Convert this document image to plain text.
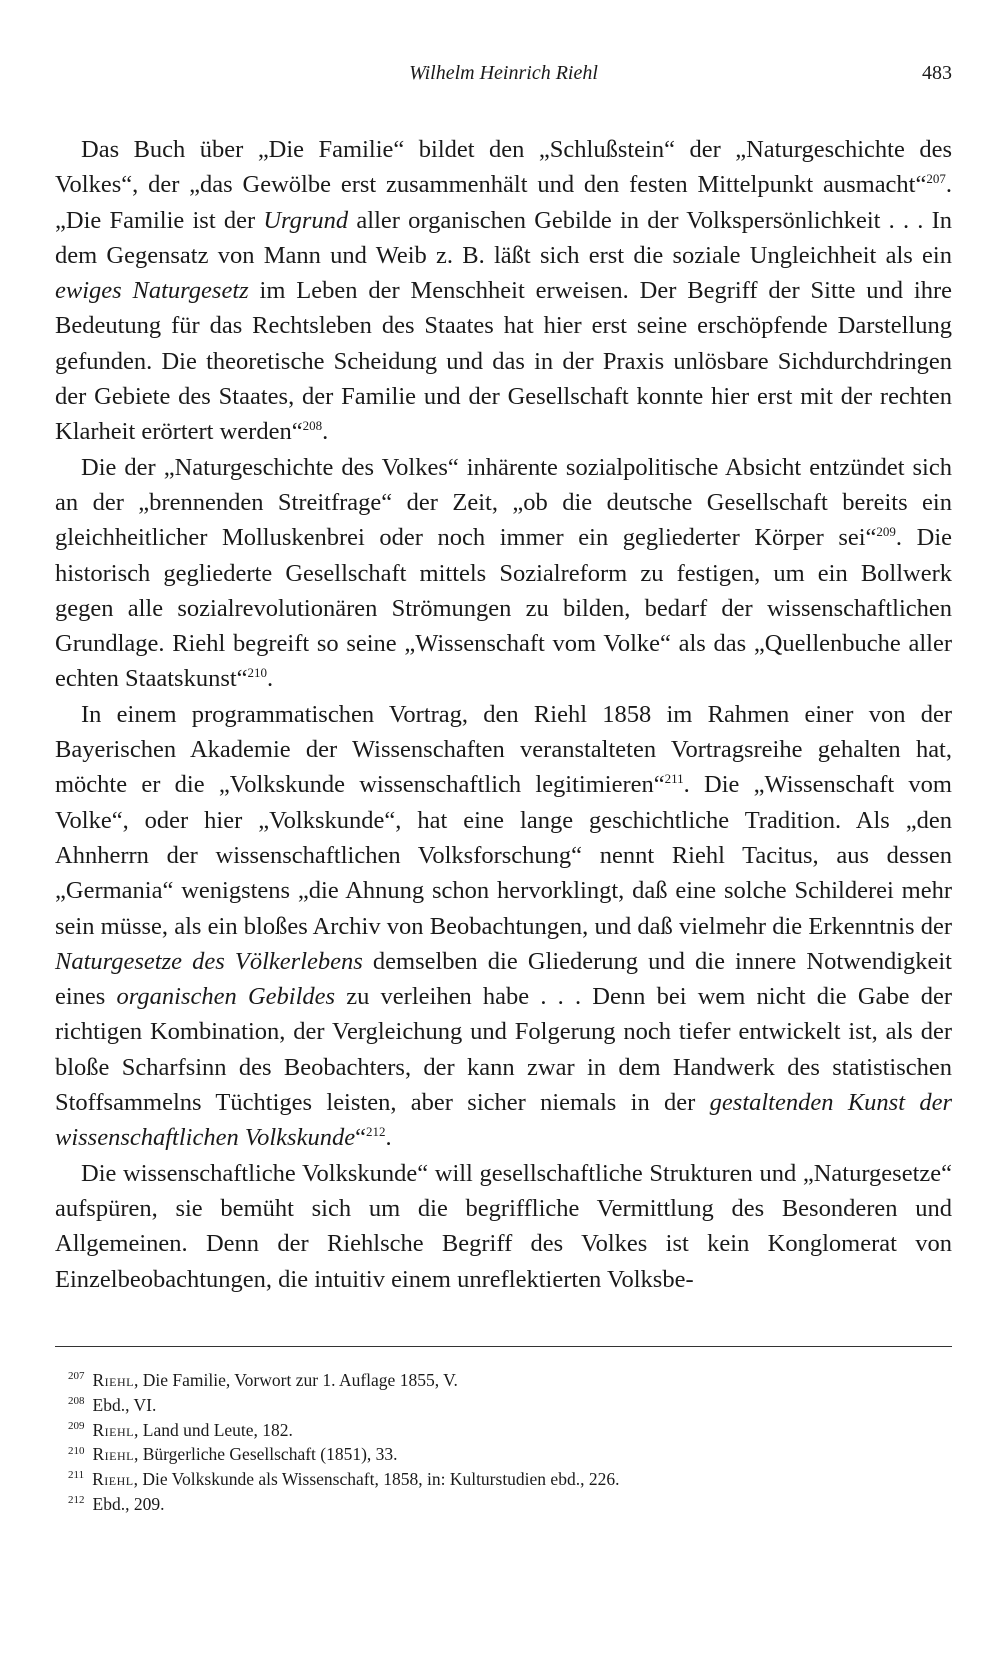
Wilhelm Heinrich Riehl	483

Das Buch über „Die Familie“ bildet den „Schlußstein“ der „Naturgeschichte des Volkes“, der „das Gewölbe erst zusammenhält und den festen Mittelpunkt ausmacht“$^{207}$. „Die Familie ist der Urgrund aller organischen Gebilde in der Volkspersönlichkeit . . . In dem Gegensatz von Mann und Weib z. B. läßt sich erst die soziale Ungleichheit als ein ewiges Naturgesetz im Leben der Menschheit erweisen. Der Begriff der Sitte und ihre Bedeutung für das Rechtsleben des Staates hat hier erst seine erschöpfende Darstellung gefunden. Die theoretische Scheidung und das in der Praxis unlösbare Sichdurchdringen der Gebiete des Staates, der Familie und der Gesellschaft konnte hier erst mit der rechten Klarheit erörtert werden“$^{208}$.

Die der „Naturgeschichte des Volkes“ inhärente sozialpolitische Absicht entzündet sich an der „brennenden Streitfrage“ der Zeit, „ob die deutsche Gesellschaft bereits ein gleichheitlicher Molluskenbrei oder noch immer ein gegliederter Körper sei“$^{209}$. Die historisch gegliederte Gesellschaft mittels Sozialreform zu festigen, um ein Bollwerk gegen alle sozialrevolutionären Strömungen zu bilden, bedarf der wissenschaftlichen Grundlage. Riehl begreift so seine „Wissenschaft vom Volke“ als das „Quellenbuche aller echten Staatskunst“$^{210}$.

In einem programmatischen Vortrag, den Riehl 1858 im Rahmen einer von der Bayerischen Akademie der Wissenschaften veranstalteten Vortragsreihe gehalten hat, möchte er die „Volkskunde wissenschaftlich legitimieren“$^{211}$. Die „Wissenschaft vom Volke“, oder hier „Volkskunde“, hat eine lange geschichtliche Tradition. Als „den Ahnherrn der wissenschaftlichen Volksforschung“ nennt Riehl Tacitus, aus dessen „Germania“ wenigstens „die Ahnung schon hervorklingt, daß eine solche Schilderei mehr sein müsse, als ein bloßes Archiv von Beobachtungen, und daß vielmehr die Erkenntnis der Naturgesetze des Völkerlebens demselben die Gliederung und die innere Notwendigkeit eines organischen Gebildes zu verleihen habe . . . Denn bei wem nicht die Gabe der richtigen Kombination, der Vergleichung und Folgerung noch tiefer entwickelt ist, als der bloße Scharfsinn des Beobachters, der kann zwar in dem Handwerk des statistischen Stoffsammelns Tüchtiges leisten, aber sicher niemals in der gestaltenden Kunst der wissenschaftlichen Volkskunde“$^{212}$.

Die wissenschaftliche Volkskunde“ will gesellschaftliche Strukturen und „Naturgesetze“ aufspüren, sie bemüht sich um die begriffliche Vermittlung des Besonderen und Allgemeinen. Denn der Riehlsche Begriff des Volkes ist kein Konglomerat von Einzelbeobachtungen, die intuitiv einem unreflektierten Volksbe-

$^{207}$ Riehl, Die Familie, Vorwort zur 1. Auflage 1855, V.
$^{208}$ Ebd., VI.
$^{209}$ Riehl, Land und Leute, 182.
$^{210}$ Riehl, Bürgerliche Gesellschaft (1851), 33.
$^{211}$ Riehl, Die Volkskunde als Wissenschaft, 1858, in: Kulturstudien ebd., 226.
$^{212}$ Ebd., 209.
